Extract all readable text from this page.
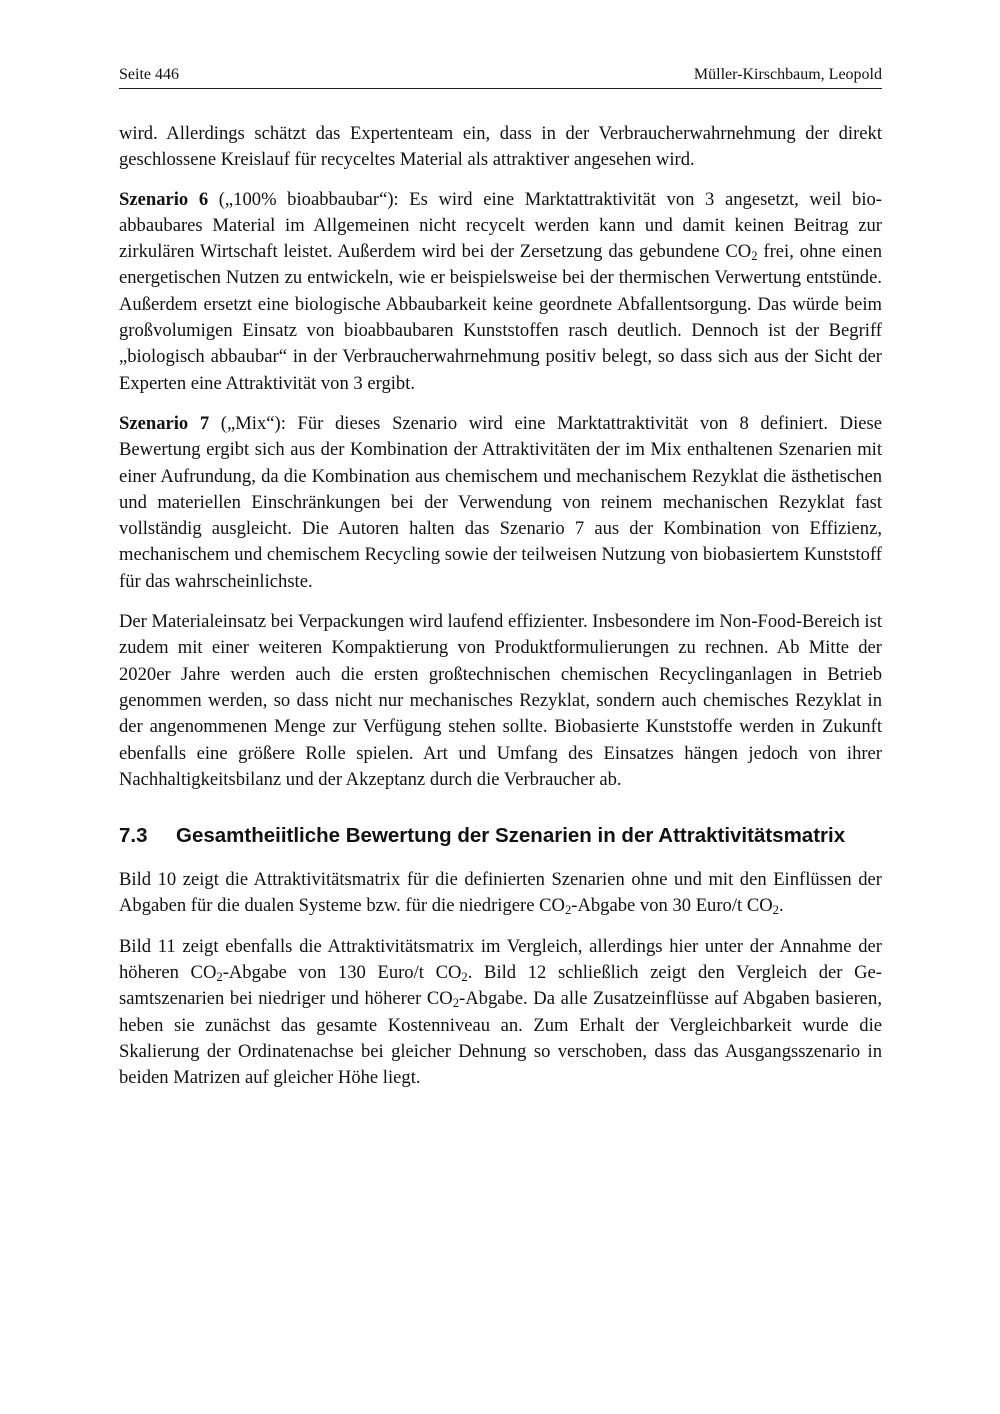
Seite 446	Müller-Kirschbaum, Leopold

wird. Allerdings schätzt das Expertenteam ein, dass in der Verbraucherwahrnehmung der direkt geschlossene Kreislauf für recyceltes Material als attraktiver angesehen wird.

Szenario 6 („100% bioabbaubar“): Es wird eine Marktattraktivität von 3 angesetzt, weil bioabbaubares Material im Allgemeinen nicht recycelt werden kann und damit keinen Beitrag zur zirkulären Wirtschaft leistet. Außerdem wird bei der Zersetzung das gebundene $CO_2$ frei, ohne einen energetischen Nutzen zu entwickeln, wie er beispielsweise bei der thermischen Verwertung entstünde. Außerdem ersetzt eine biologische Abbaubarkeit keine geordnete Abfallentsorgung. Das würde beim großvolumigen Einsatz von bioabbaubaren Kunststoffen rasch deutlich. Dennoch ist der Begriff „biologisch abbaubar“ in der Verbraucherwahrnehmung positiv belegt, so dass sich aus der Sicht der Experten eine Attraktivität von 3 ergibt.

Szenario 7 („Mix“): Für dieses Szenario wird eine Marktattraktivität von 8 definiert. Diese Bewertung ergibt sich aus der Kombination der Attraktivitäten der im Mix enthaltenen Szenarien mit einer Aufrundung, da die Kombination aus chemischem und mechanischem Rezyklat die ästhetischen und materiellen Einschränkungen bei der Verwendung von reinem mechanischen Rezyklat fast vollständig ausgleicht. Die Autoren halten das Szenario 7 aus der Kombination von Effizienz, mechanischem und chemischem Recycling sowie der teilweisen Nutzung von biobasiertem Kunststoff für das wahrscheinlichste.

Der Materialeinsatz bei Verpackungen wird laufend effizienter. Insbesondere im Non-Food-Bereich ist zudem mit einer weiteren Kompaktierung von Produktformulierungen zu rechnen. Ab Mitte der 2020er Jahre werden auch die ersten großtechnischen chemischen Recyclinganlagen in Betrieb genommen werden, so dass nicht nur mechanisches Rezyklat, sondern auch chemisches Rezyklat in der angenommenen Menge zur Verfügung stehen sollte. Biobasierte Kunststoffe werden in Zukunft ebenfalls eine größere Rolle spielen. Art und Umfang des Einsatzes hängen jedoch von ihrer Nachhaltigkeitsbilanz und der Akzeptanz durch die Verbraucher ab.

7.3	Gesamtheiitliche Bewertung der Szenarien in der Attraktivitätsmatrix

Bild 10 zeigt die Attraktivitätsmatrix für die definierten Szenarien ohne und mit den Einflüssen der Abgaben für die dualen Systeme bzw. für die niedrigere $CO_2$-Abgabe von 30 Euro/t $CO_2$.

Bild 11 zeigt ebenfalls die Attraktivitätsmatrix im Vergleich, allerdings hier unter der Annahme der höheren $CO_2$-Abgabe von 130 Euro/t $CO_2$. Bild 12 schließlich zeigt den Vergleich der Gesamtszenarien bei niedriger und höherer $CO_2$-Abgabe. Da alle Zusatzeinflüsse auf Abgaben basieren, heben sie zunächst das gesamte Kostenniveau an. Zum Erhalt der Vergleichbarkeit wurde die Skalierung der Ordinatenachse bei gleicher Dehnung so verschoben, dass das Ausgangsszenario in beiden Matrizen auf gleicher Höhe liegt.
